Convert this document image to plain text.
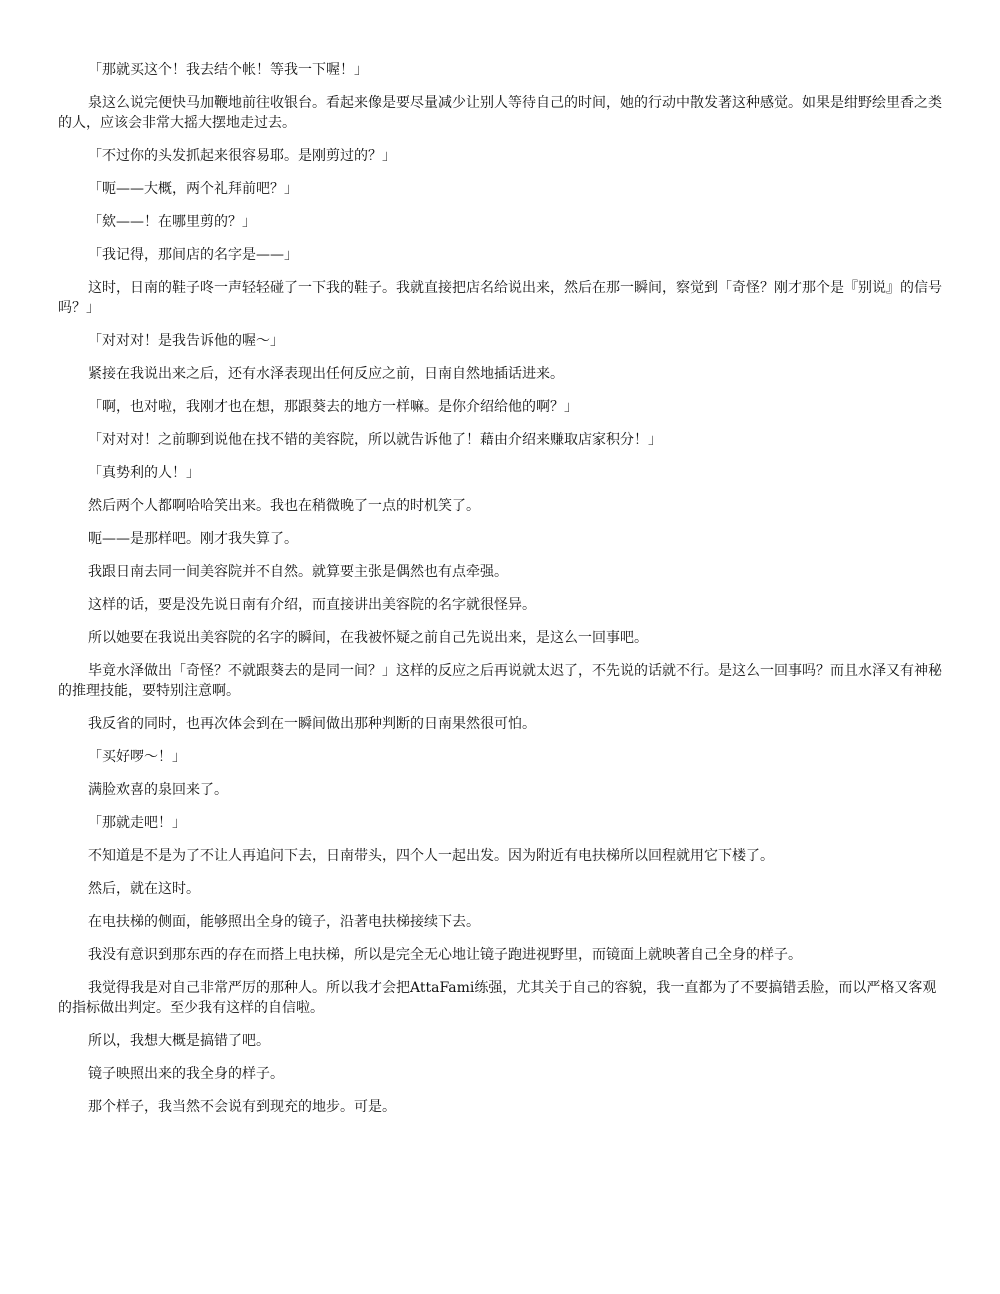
「那就买这个！我去结个帐！等我一下喔！」

泉这么说完便快马加鞭地前往收银台。看起来像是要尽量减少让别人等待自己的时间，她的行动中散发著这种感觉。如果是绀野绘里香之类的人，应该会非常大摇大摆地走过去。

「不过你的头发抓起来很容易耶。是刚剪过的？」

「呃——大概，两个礼拜前吧？」

「欸——！在哪里剪的？」

「我记得，那间店的名字是——」

这时，日南的鞋子咚一声轻轻碰了一下我的鞋子。我就直接把店名给说出来，然后在那一瞬间，察觉到「奇怪？刚才那个是『别说』的信号吗？」

「对对对！是我告诉他的喔～」

紧接在我说出来之后，还有水泽表现出任何反应之前，日南自然地插话进来。

「啊，也对啦，我刚才也在想，那跟葵去的地方一样嘛。是你介绍给他的啊？」

「对对对！之前聊到说他在找不错的美容院，所以就告诉他了！藉由介绍来赚取店家积分！」

「真势利的人！」

然后两个人都啊哈哈笑出来。我也在稍微晚了一点的时机笑了。

呃——是那样吧。刚才我失算了。

我跟日南去同一间美容院并不自然。就算要主张是偶然也有点牵强。

这样的话，要是没先说日南有介绍，而直接讲出美容院的名字就很怪异。

所以她要在我说出美容院的名字的瞬间，在我被怀疑之前自己先说出来，是这么一回事吧。

毕竟水泽做出「奇怪？不就跟葵去的是同一间？」这样的反应之后再说就太迟了，不先说的话就不行。是这么一回事吗？而且水泽又有神秘的推理技能，要特别注意啊。

我反省的同时，也再次体会到在一瞬间做出那种判断的日南果然很可怕。

「买好啰～！」

满脸欢喜的泉回来了。

「那就走吧！」

不知道是不是为了不让人再追问下去，日南带头，四个人一起出发。因为附近有电扶梯所以回程就用它下楼了。

然后，就在这时。

在电扶梯的侧面，能够照出全身的镜子，沿著电扶梯接续下去。

我没有意识到那东西的存在而搭上电扶梯，所以是完全无心地让镜子跑进视野里，而镜面上就映著自己全身的样子。

我觉得我是对自己非常严厉的那种人。所以我才会把AttaFami练强，尤其关于自己的容貌，我一直都为了不要搞错丢脸，而以严格又客观的指标做出判定。至少我有这样的自信啦。

所以，我想大概是搞错了吧。

镜子映照出来的我全身的样子。

那个样子，我当然不会说有到现充的地步。可是。
